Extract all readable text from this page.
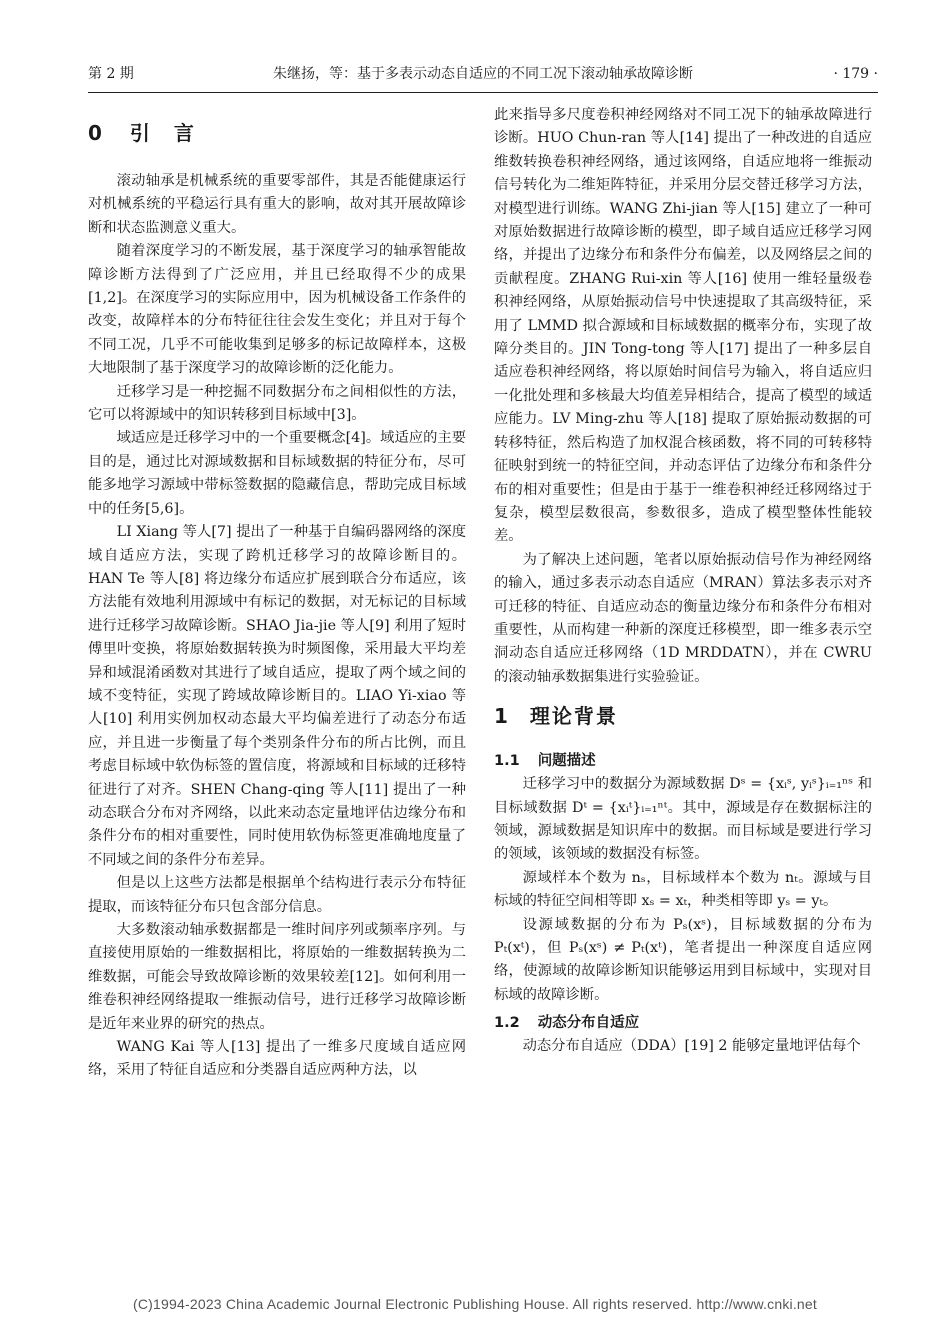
第 2 期	朱继扬，等：基于多表示动态自适应的不同工况下滚动轴承故障诊断	· 179 ·
0 引　言

滚动轴承是机械系统的重要零部件，其是否能健康运行对机械系统的平稳运行具有重大的影响，故对其开展故障诊断和状态监测意义重大。

随着深度学习的不断发展，基于深度学习的轴承智能故障诊断方法得到了广泛应用，并且已经取得不少的成果[1,2]。在深度学习的实际应用中，因为机械设备工作条件的改变，故障样本的分布特征往往会发生变化；并且对于每个不同工况，几乎不可能收集到足够多的标记故障样本，这极大地限制了基于深度学习的故障诊断的泛化能力。

迁移学习是一种挖掘不同数据分布之间相似性的方法，它可以将源域中的知识转移到目标域中[3]。

域适应是迁移学习中的一个重要概念[4]。域适应的主要目的是，通过比对源域数据和目标域数据的特征分布，尽可能多地学习源域中带标签数据的隐藏信息，帮助完成目标域中的任务[5,6]。

LI Xiang 等人[7] 提出了一种基于自编码器网络的深度域自适应方法，实现了跨机迁移学习的故障诊断目的。HAN Te 等人[8] 将边缘分布适应扩展到联合分布适应，该方法能有效地利用源域中有标记的数据，对无标记的目标域进行迁移学习故障诊断。SHAO Jia-jie 等人[9] 利用了短时傅里叶变换，将原始数据转换为时频图像，采用最大平均差异和域混淆函数对其进行了域自适应，提取了两个域之间的域不变特征，实现了跨域故障诊断目的。LIAO Yi-xiao 等人[10] 利用实例加权动态最大平均偏差进行了动态分布适应，并且进一步衡量了每个类别条件分布的所占比例，而且考虑目标域中软伪标签的置信度，将源域和目标域的迁移特征进行了对齐。SHEN Chang-qing 等人[11] 提出了一种动态联合分布对齐网络，以此来动态定量地评估边缘分布和条件分布的相对重要性，同时使用软伪标签更准确地度量了不同域之间的条件分布差异。

但是以上这些方法都是根据单个结构进行表示分布特征提取，而该特征分布只包含部分信息。

大多数滚动轴承数据都是一维时间序列或频率序列。与直接使用原始的一维数据相比，将原始的一维数据转换为二维数据，可能会导致故障诊断的效果较差[12]。如何利用一维卷积神经网络提取一维振动信号，进行迁移学习故障诊断是近年来业界的研究的热点。

WANG Kai 等人[13] 提出了一维多尺度域自适应网络，采用了特征自适应和分类器自适应两种方法，以

此来指导多尺度卷积神经网络对不同工况下的轴承故障进行诊断。HUO Chun-ran 等人[14] 提出了一种改进的自适应维数转换卷积神经网络，通过该网络，自适应地将一维振动信号转化为二维矩阵特征，并采用分层交替迁移学习方法，对模型进行训练。WANG Zhi-jian 等人[15] 建立了一种可对原始数据进行故障诊断的模型，即子域自适应迁移学习网络，并提出了边缘分布和条件分布偏差，以及网络层之间的贡献程度。ZHANG Rui-xin 等人[16] 使用一维轻量级卷积神经网络，从原始振动信号中快速提取了其高级特征，采用了 LMMD 拟合源域和目标域数据的概率分布，实现了故障分类目的。JIN Tong-tong 等人[17] 提出了一种多层自适应卷积神经网络，将以原始时间信号为输入，将自适应归一化批处理和多核最大均值差异相结合，提高了模型的域适应能力。LV Ming-zhu 等人[18] 提取了原始振动数据的可转移特征，然后构造了加权混合核函数，将不同的可转移特征映射到统一的特征空间，并动态评估了边缘分布和条件分布的相对重要性；但是由于基于一维卷积神经迁移网络过于复杂，模型层数很高，参数很多，造成了模型整体性能较差。

为了解决上述问题，笔者以原始振动信号作为神经网络的输入，通过多表示动态自适应（MRAN）算法多表示对齐可迁移的特征、自适应动态的衡量边缘分布和条件分布相对重要性，从而构建一种新的深度迁移模型，即一维多表示空洞动态自适应迁移网络（1D MRDDATN），并在 CWRU 的滚动轴承数据集进行实验验证。

1 理论背景
1.1 问题描述

迁移学习中的数据分为源域数据 Dˢ = {xᵢˢ, yᵢˢ}ᵢ₌₁ⁿˢ 和目标域数据 Dᵗ = {xᵢᵗ}ᵢ₌₁ⁿᵗ。其中，源域是存在数据标注的领域，源域数据是知识库中的数据。而目标域是要进行学习的领域，该领域的数据没有标签。

源域样本个数为 nₛ，目标域样本个数为 nₜ。源域与目标域的特征空间相等即 xₛ = xₜ，种类相等即 yₛ = yₜ。

设源域数据的分布为 Pₛ(xˢ)，目标域数据的分布为 Pₜ(xᵗ)，但 Pₛ(xˢ) ≠ Pₜ(xᵗ)，笔者提出一种深度自适应网络，使源域的故障诊断知识能够运用到目标域中，实现对目标域的故障诊断。

1.2 动态分布自适应

动态分布自适应（DDA）[19] 2 能够定量地评估每个

(C)1994-2023 China Academic Journal Electronic Publishing House. All rights reserved. http://www.cnki.net
